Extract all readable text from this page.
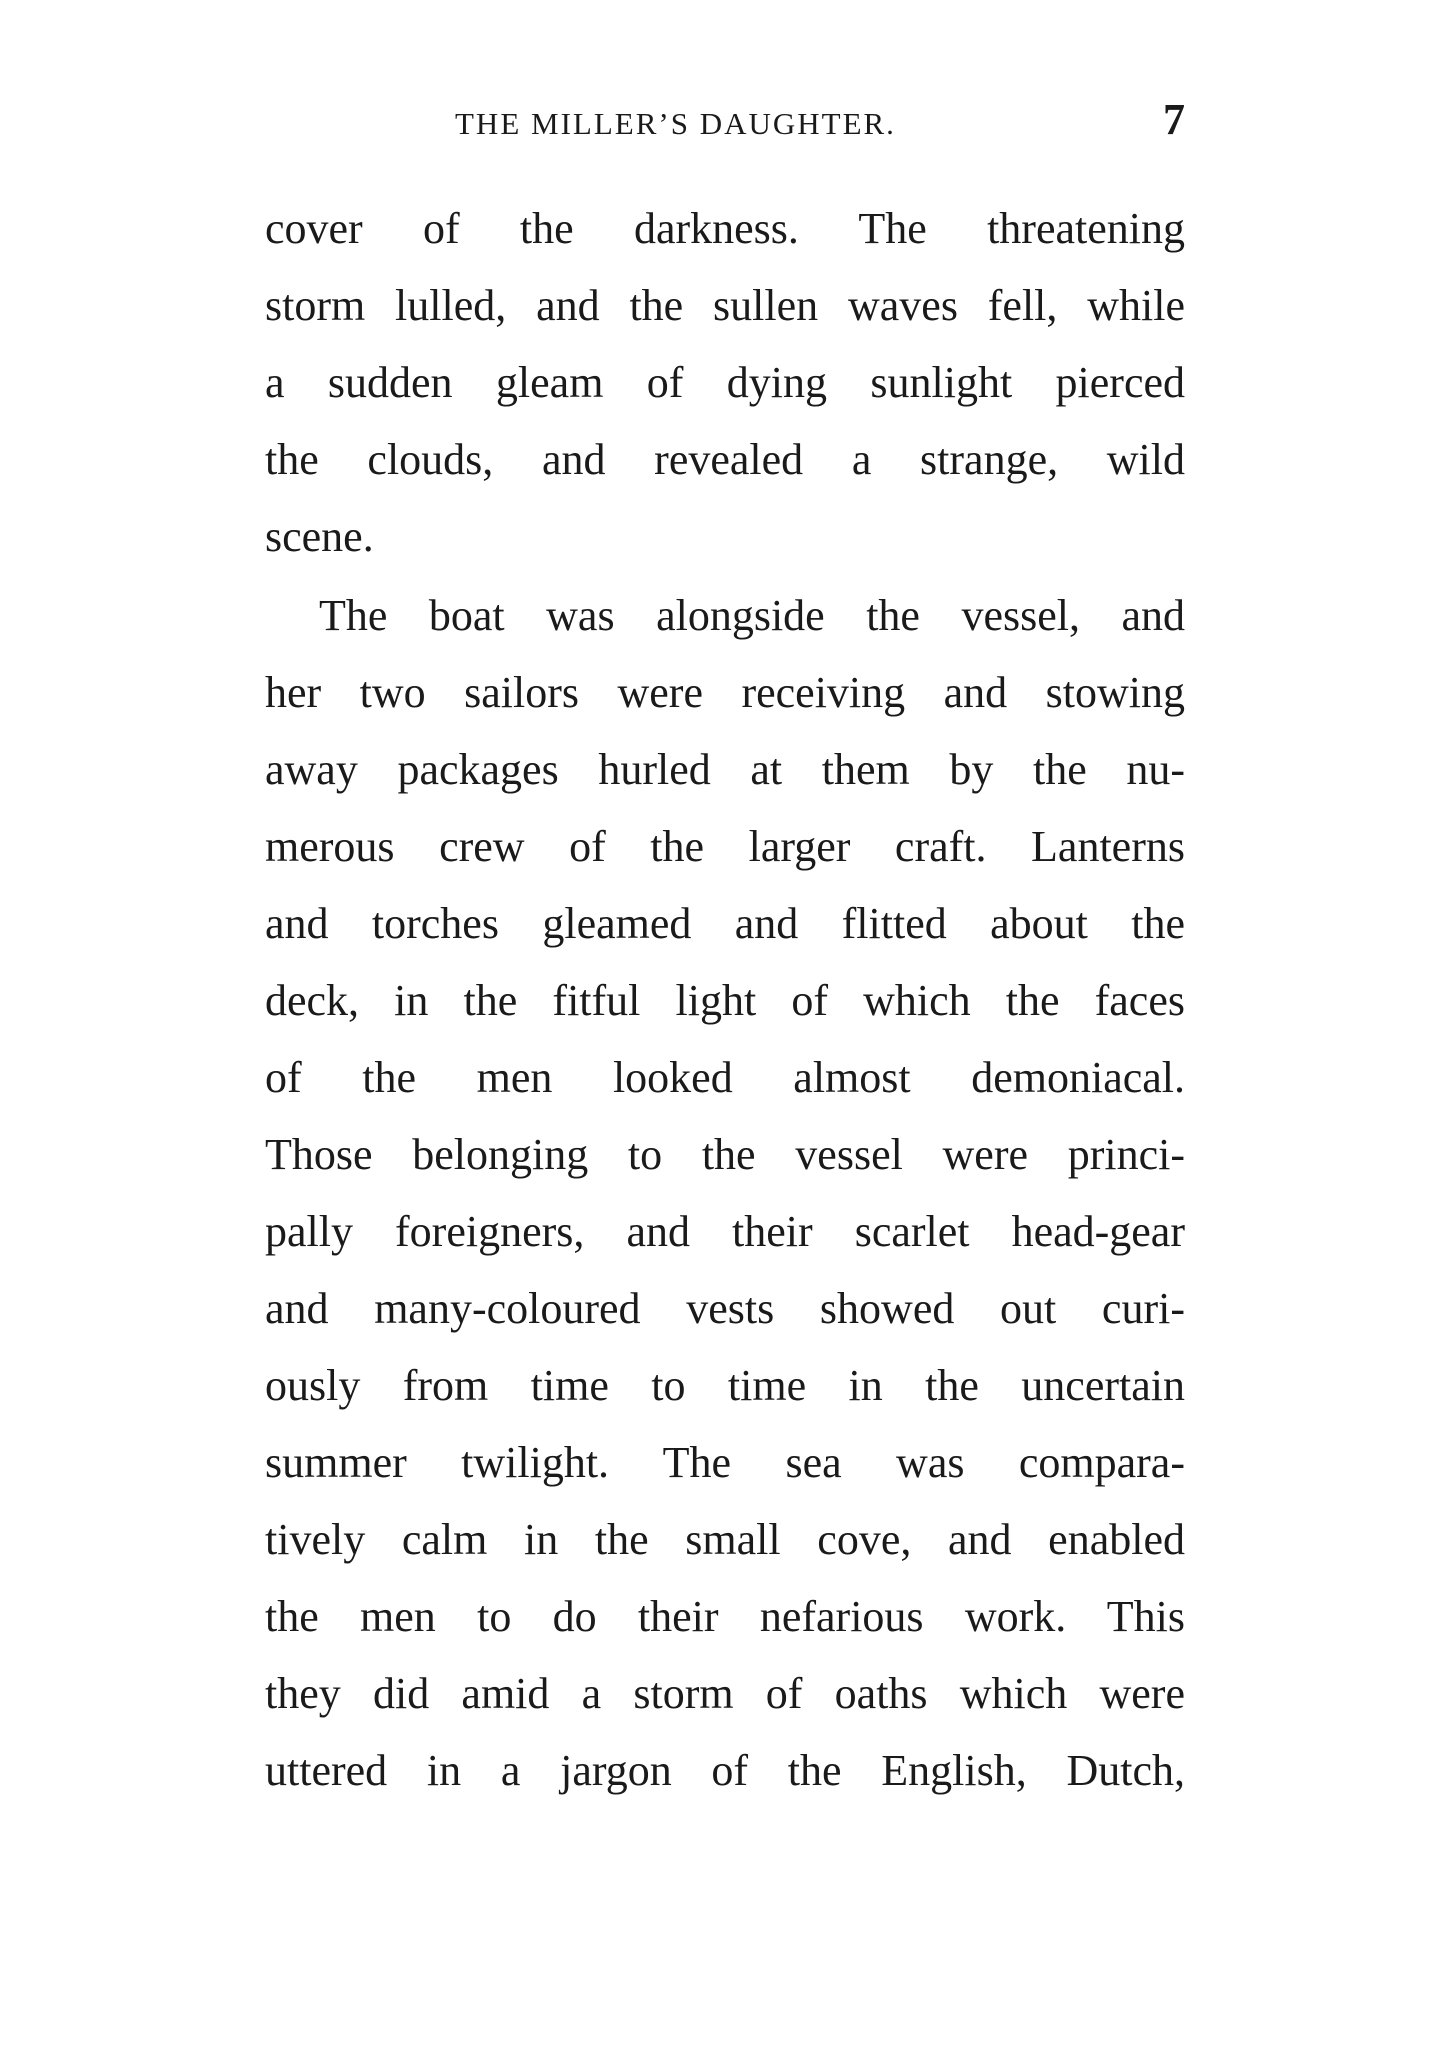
THE MILLER’S DAUGHTER.	7
cover of the darkness. The threatening
storm lulled, and the sullen waves fell, while
a sudden gleam of dying sunlight pierced
the clouds, and revealed a strange, wild
scene.
The boat was alongside the vessel, and
her two sailors were receiving and stowing
away packages hurled at them by the nu-
merous crew of the larger craft. Lanterns
and torches gleamed and flitted about the
deck, in the fitful light of which the faces
of the men looked almost demoniacal.
Those belonging to the vessel were princi-
pally foreigners, and their scarlet head-gear
and many-coloured vests showed out curi-
ously from time to time in the uncertain
summer twilight. The sea was compara-
tively calm in the small cove, and enabled
the men to do their nefarious work. This
they did amid a storm of oaths which were
uttered in a jargon of the English, Dutch,
